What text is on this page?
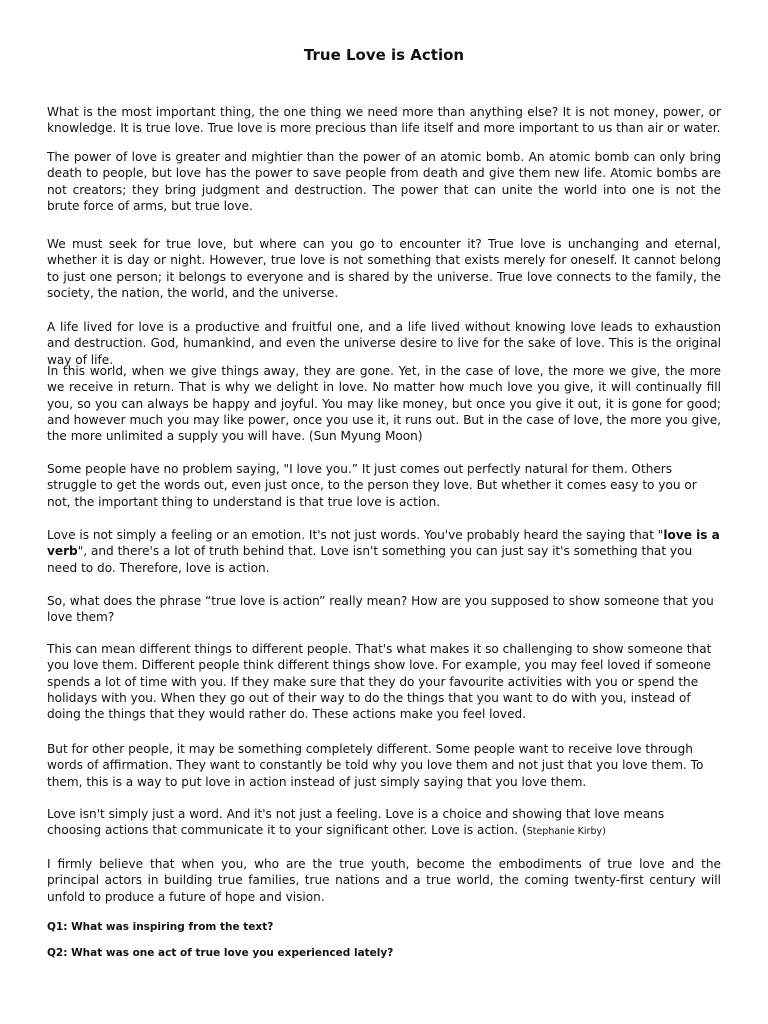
True Love is Action

What is the most important thing, the one thing we need more than anything else? It is not money, power, or knowledge. It is true love. True love is more precious than life itself and more important to us than air or water.

The power of love is greater and mightier than the power of an atomic bomb. An atomic bomb can only bring death to people, but love has the power to save people from death and give them new life. Atomic bombs are not creators; they bring judgment and destruction. The power that can unite the world into one is not the brute force of arms, but true love.

We must seek for true love, but where can you go to encounter it? True love is unchanging and eternal, whether it is day or night. However, true love is not something that exists merely for oneself. It cannot belong to just one person; it belongs to everyone and is shared by the universe. True love connects to the family, the society, the nation, the world, and the universe.

A life lived for love is a productive and fruitful one, and a life lived without knowing love leads to exhaustion and destruction. God, humankind, and even the universe desire to live for the sake of love. This is the original way of life.

In this world, when we give things away, they are gone. Yet, in the case of love, the more we give, the more we receive in return. That is why we delight in love. No matter how much love you give, it will continually fill you, so you can always be happy and joyful. You may like money, but once you give it out, it is gone for good; and however much you may like power, once you use it, it runs out. But in the case of love, the more you give, the more unlimited a supply you will have. (Sun Myung Moon)

Some people have no problem saying, "I love you.” It just comes out perfectly natural for them. Others struggle to get the words out, even just once, to the person they love. But whether it comes easy to you or not, the important thing to understand is that true love is action.

Love is not simply a feeling or an emotion. It's not just words. You've probably heard the saying that "love is a verb", and there's a lot of truth behind that. Love isn't something you can just say it's something that you need to do. Therefore, love is action.

So, what does the phrase “true love is action” really mean? How are you supposed to show someone that you love them?

This can mean different things to different people. That's what makes it so challenging to show someone that you love them. Different people think different things show love. For example, you may feel loved if someone spends a lot of time with you. If they make sure that they do your favourite activities with you or spend the holidays with you. When they go out of their way to do the things that you want to do with you, instead of doing the things that they would rather do. These actions make you feel loved.

But for other people, it may be something completely different. Some people want to receive love through words of affirmation. They want to constantly be told why you love them and not just that you love them. To them, this is a way to put love in action instead of just simply saying that you love them.

Love isn't simply just a word. And it's not just a feeling. Love is a choice and showing that love means choosing actions that communicate it to your significant other. Love is action. (Stephanie Kirby)

I firmly believe that when you, who are the true youth, become the embodiments of true love and the principal actors in building true families, true nations and a true world, the coming twenty-first century will unfold to produce a future of hope and vision.

Q1: What was inspiring from the text?

Q2: What was one act of true love you experienced lately?
